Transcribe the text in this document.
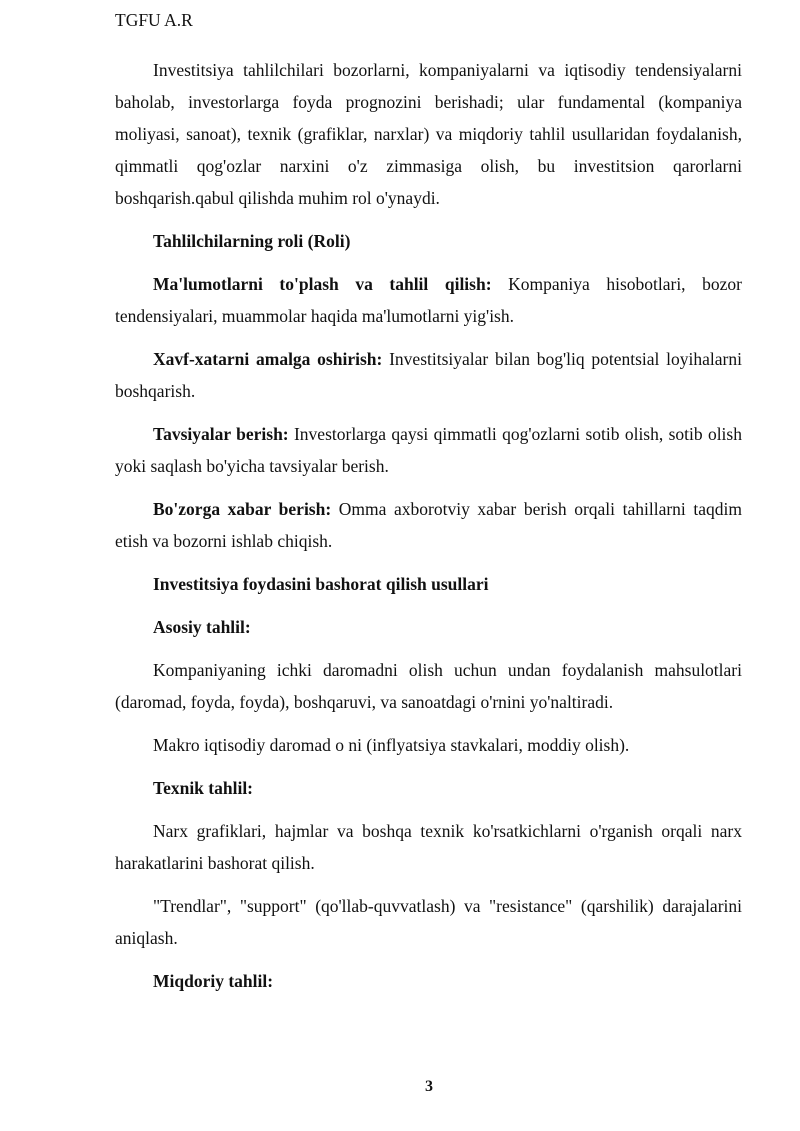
TGFU A.R

Investitsiya tahlilchilari bozorlarni, kompaniyalarni va iqtisodiy tendensiyalarni baholab, investorlarga foyda prognozini berishadi; ular fundamental (kompaniya moliyasi, sanoat), texnik (grafiklar, narxlar) va miqdoriy tahlil usullaridan foydalanish, qimmatli qog'ozlar narxini o'z zimmasiga olish, bu investitsion qarorlarni boshqarish.qabul qilishda muhim rol o'ynaydi.

Tahlilchilarning roli (Roli)

Ma'lumotlarni to'plash va tahlil qilish: Kompaniya hisobotlari, bozor tendensiyalari, muammolar haqida ma'lumotlarni yig'ish.

Xavf-xatarni amalga oshirish: Investitsiyalar bilan bog'liq potentsial loyihalarni boshqarish.

Tavsiyalar berish: Investorlarga qaysi qimmatli qog'ozlarni sotib olish, sotib olish yoki saqlash bo'yicha tavsiyalar berish.

Bo'zorga xabar berish: Omma axborotviy xabar berish orqali tahillarni taqdim etish va bozorni ishlab chiqish.

Investitsiya foydasini bashorat qilish usullari

Asosiy tahlil:

Kompaniyaning ichki daromadni olish uchun undan foydalanish mahsulotlari (daromad, foyda, foyda), boshqaruvi, va sanoatdagi o'rnini yo'naltiradi.

Makro iqtisodiy daromad o ni (inflyatsiya stavkalari, moddiy olish).

Texnik tahlil:

Narx grafiklari, hajmlar va boshqa texnik ko'rsatkichlarni o'rganish orqali narx harakatlarini bashorat qilish.

"Trendlar", "support" (qo'llab-quvvatlash) va "resistance" (qarshilik) darajalarini aniqlash.

Miqdoriy tahlil:

3
